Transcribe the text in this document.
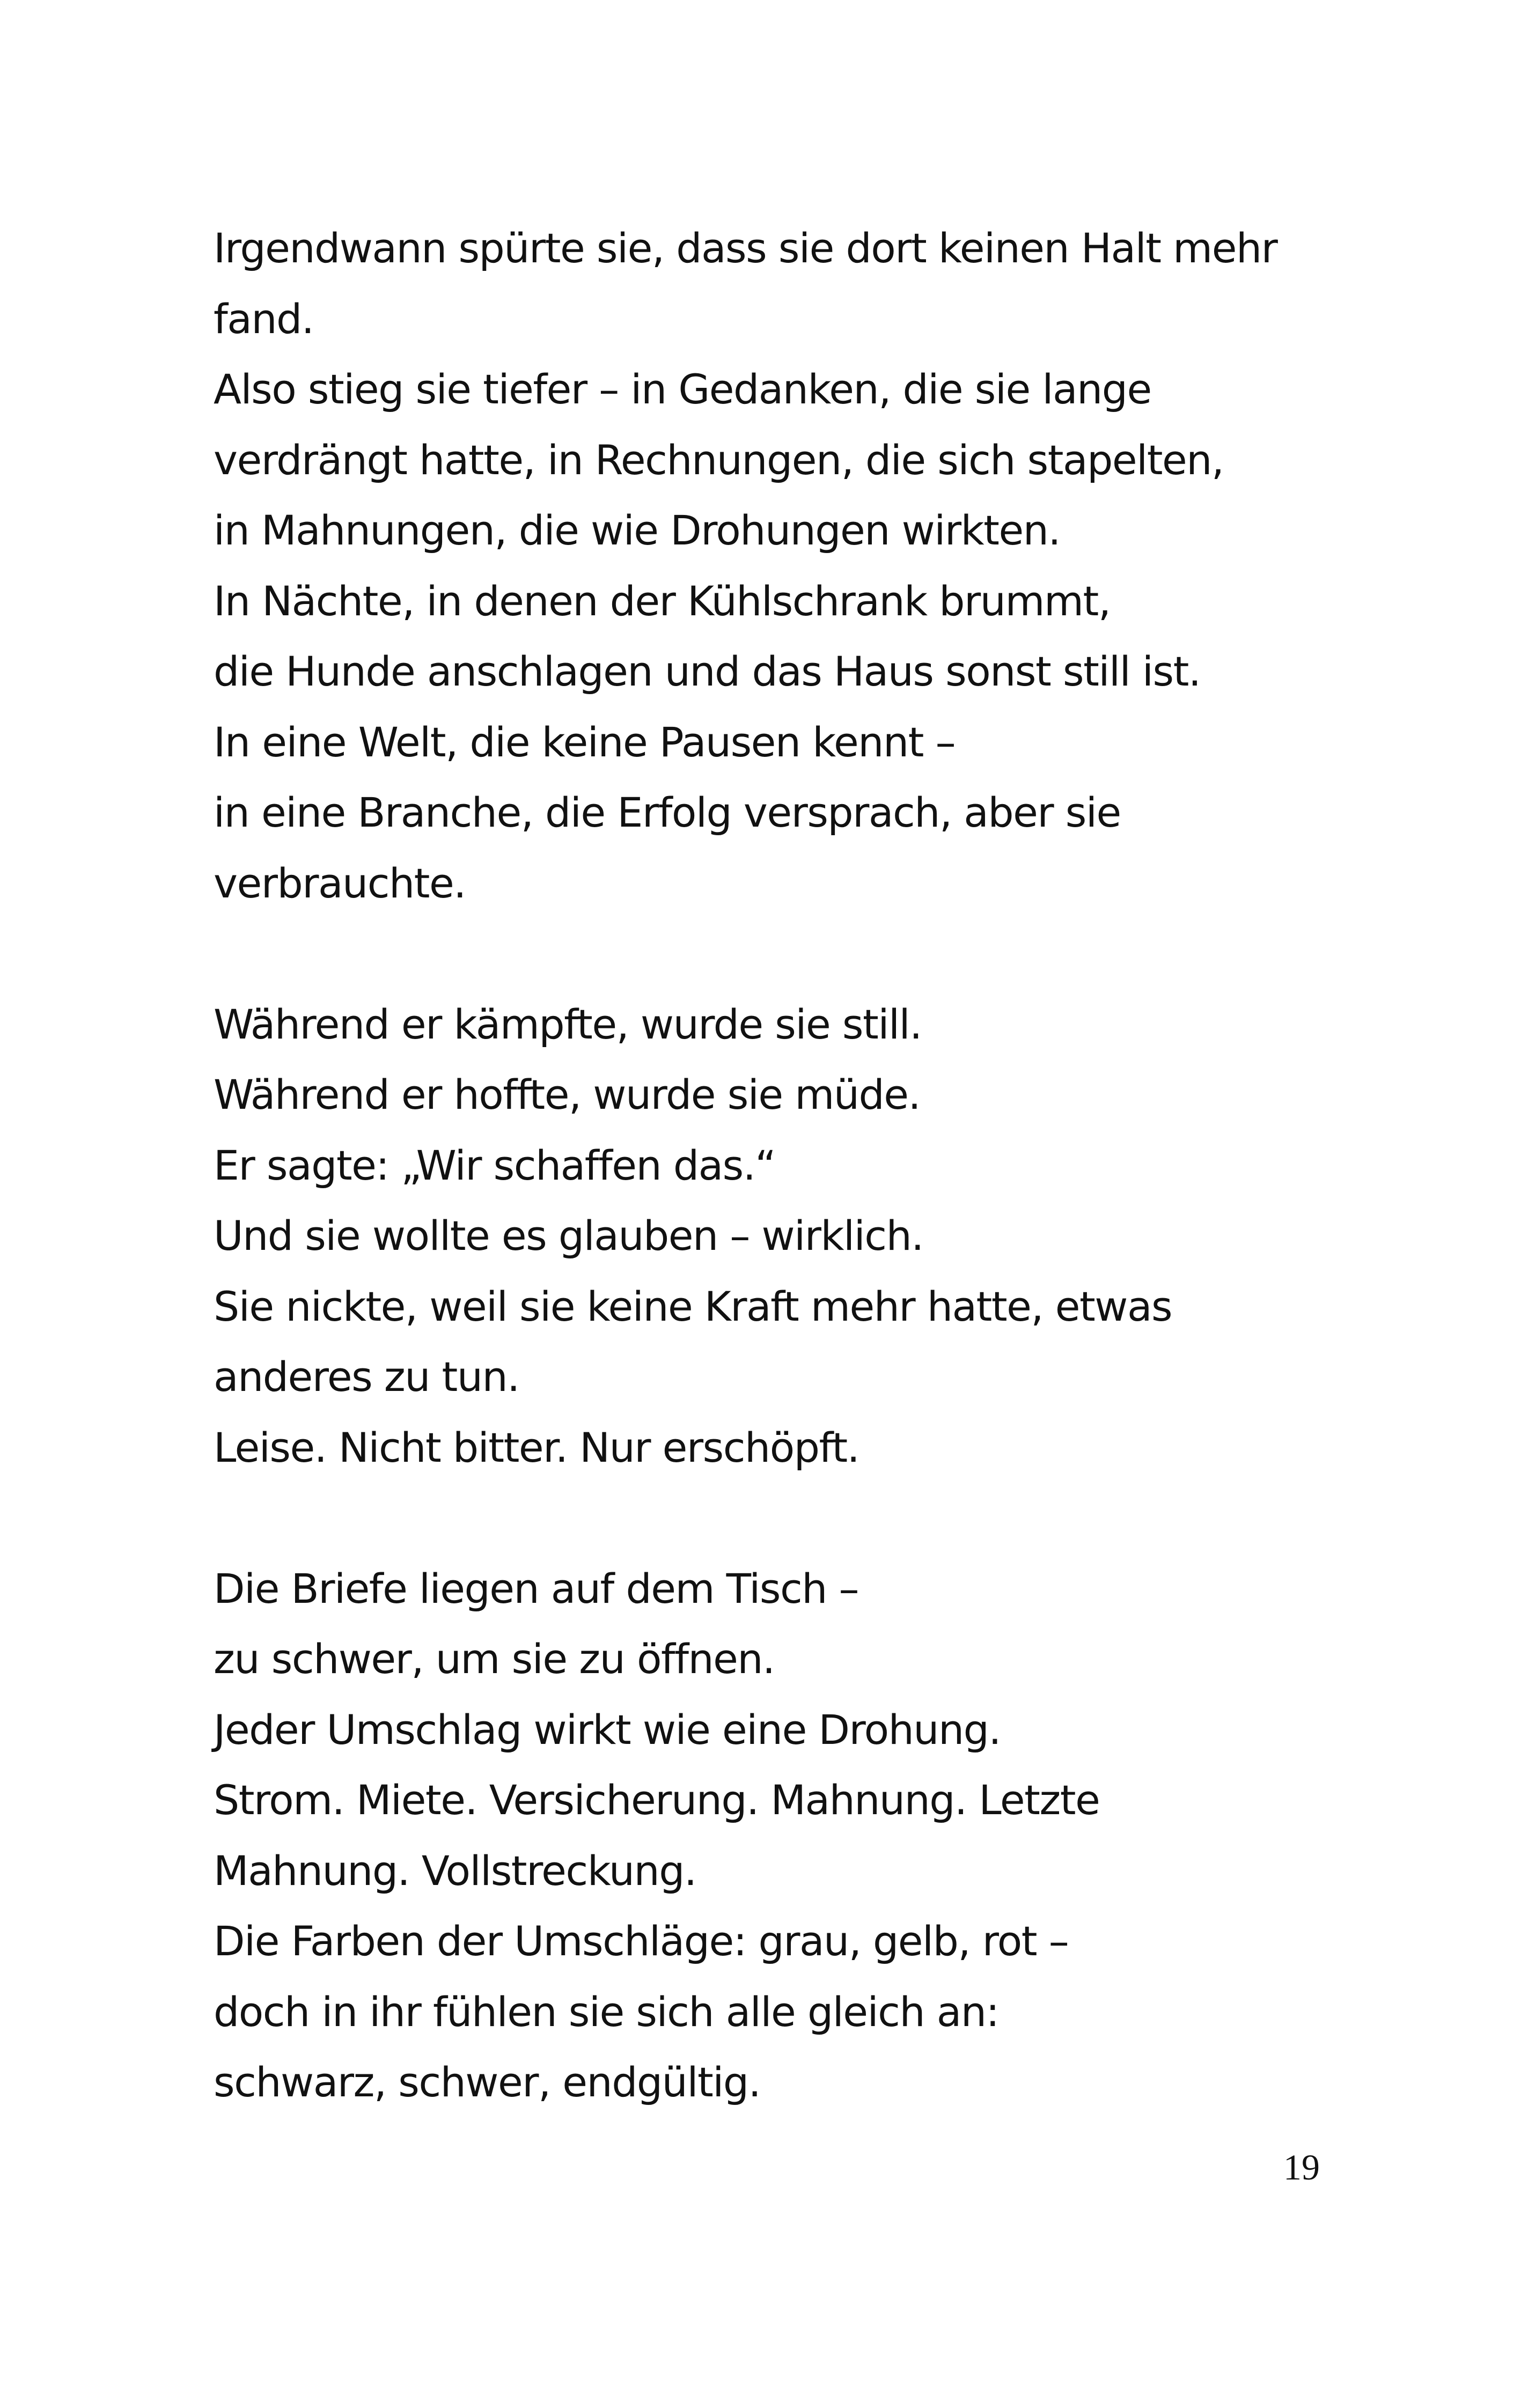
Irgendwann spürte sie, dass sie dort keinen Halt mehr
fand.
Also stieg sie tiefer – in Gedanken, die sie lange
verdrängt hatte, in Rechnungen, die sich stapelten,
in Mahnungen, die wie Drohungen wirkten.
In Nächte, in denen der Kühlschrank brummt,
die Hunde anschlagen und das Haus sonst still ist.
In eine Welt, die keine Pausen kennt –
in eine Branche, die Erfolg versprach, aber sie
verbrauchte.

Während er kämpfte, wurde sie still.
Während er hoffte, wurde sie müde.
Er sagte: „Wir schaffen das.“
Und sie wollte es glauben – wirklich.
Sie nickte, weil sie keine Kraft mehr hatte, etwas
anderes zu tun.
Leise. Nicht bitter. Nur erschöpft.

Die Briefe liegen auf dem Tisch –
zu schwer, um sie zu öffnen.
Jeder Umschlag wirkt wie eine Drohung.
Strom. Miete. Versicherung. Mahnung. Letzte
Mahnung. Vollstreckung.
Die Farben der Umschläge: grau, gelb, rot –
doch in ihr fühlen sie sich alle gleich an:
schwarz, schwer, endgültig.

19
